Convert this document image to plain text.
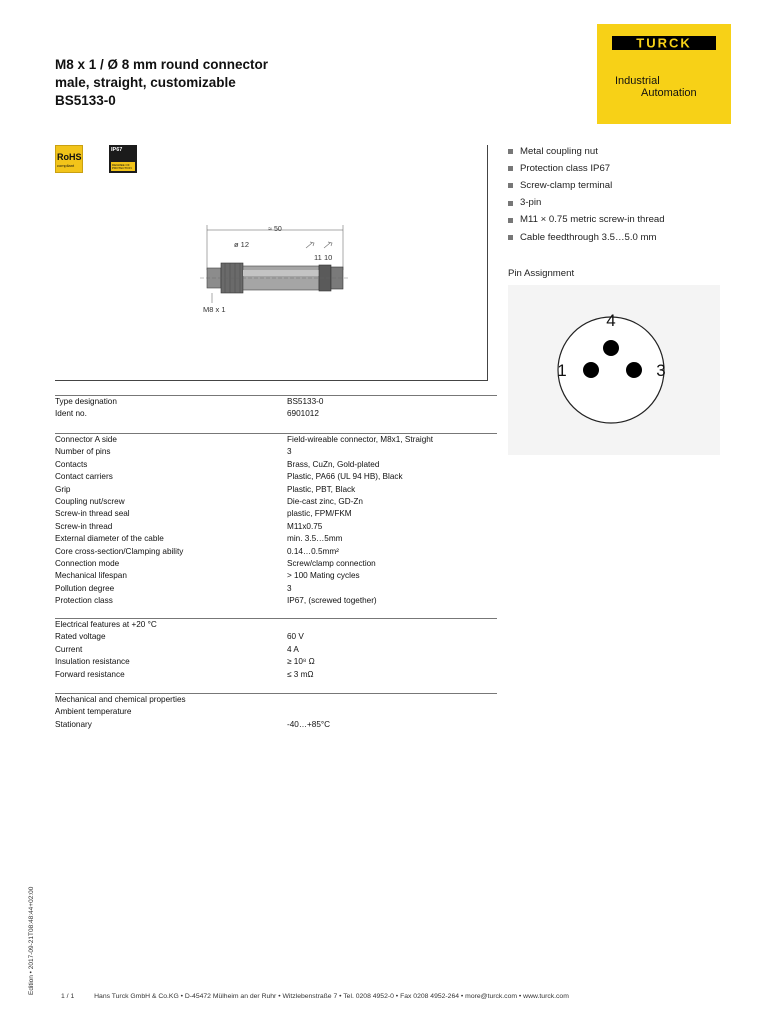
M8 x 1 / Ø 8 mm round connector
male, straight, customizable
BS5133-0
TURCK
Industrial
Automation
RoHS
compliant
IP67
DEGREE OF
PROTECTION
≈ 50
ø 12
11 10
M8 x 1
Metal coupling nut
Protection class IP67
Screw-clamp terminal
3-pin
M11 × 0.75 metric screw-in thread
Cable feedthrough 3.5…5.0 mm
Pin Assignment
4
1	3
Type designation	BS5133-0
Ident no.	6901012
Connector A side	Field-wireable connector, M8x1, Straight
Number of pins	3
Contacts	Brass, CuZn, Gold-plated
Contact carriers	Plastic, PA66 (UL 94 HB), Black
Grip	Plastic, PBT, Black
Coupling nut/screw	Die-cast zinc, GD-Zn
Screw-in thread seal	plastic, FPM/FKM
Screw-in thread	M11x0.75
External diameter of the cable	min. 3.5…5mm
Core cross-section/Clamping ability	0.14…0.5mm²
Connection mode	Screw/clamp connection
Mechanical lifespan	> 100 Mating cycles
Pollution degree	3
Protection class	IP67, (screwed together)
Electrical features at +20 °C
Rated voltage	60 V
Current	4 A
Insulation resistance	≥ 10⁸ Ω
Forward resistance	≤ 3 mΩ
Mechanical and chemical properties
Ambient temperature
Stationary	-40…+85°C
Edition • 2017-09-21T08:48:44+02:00
1 / 1	Hans Turck GmbH & Co.KG • D-45472 Mülheim an der Ruhr • Witzlebenstraße 7 • Tel. 0208 4952-0 • Fax 0208 4952-264 • more@turck.com • www.turck.com
